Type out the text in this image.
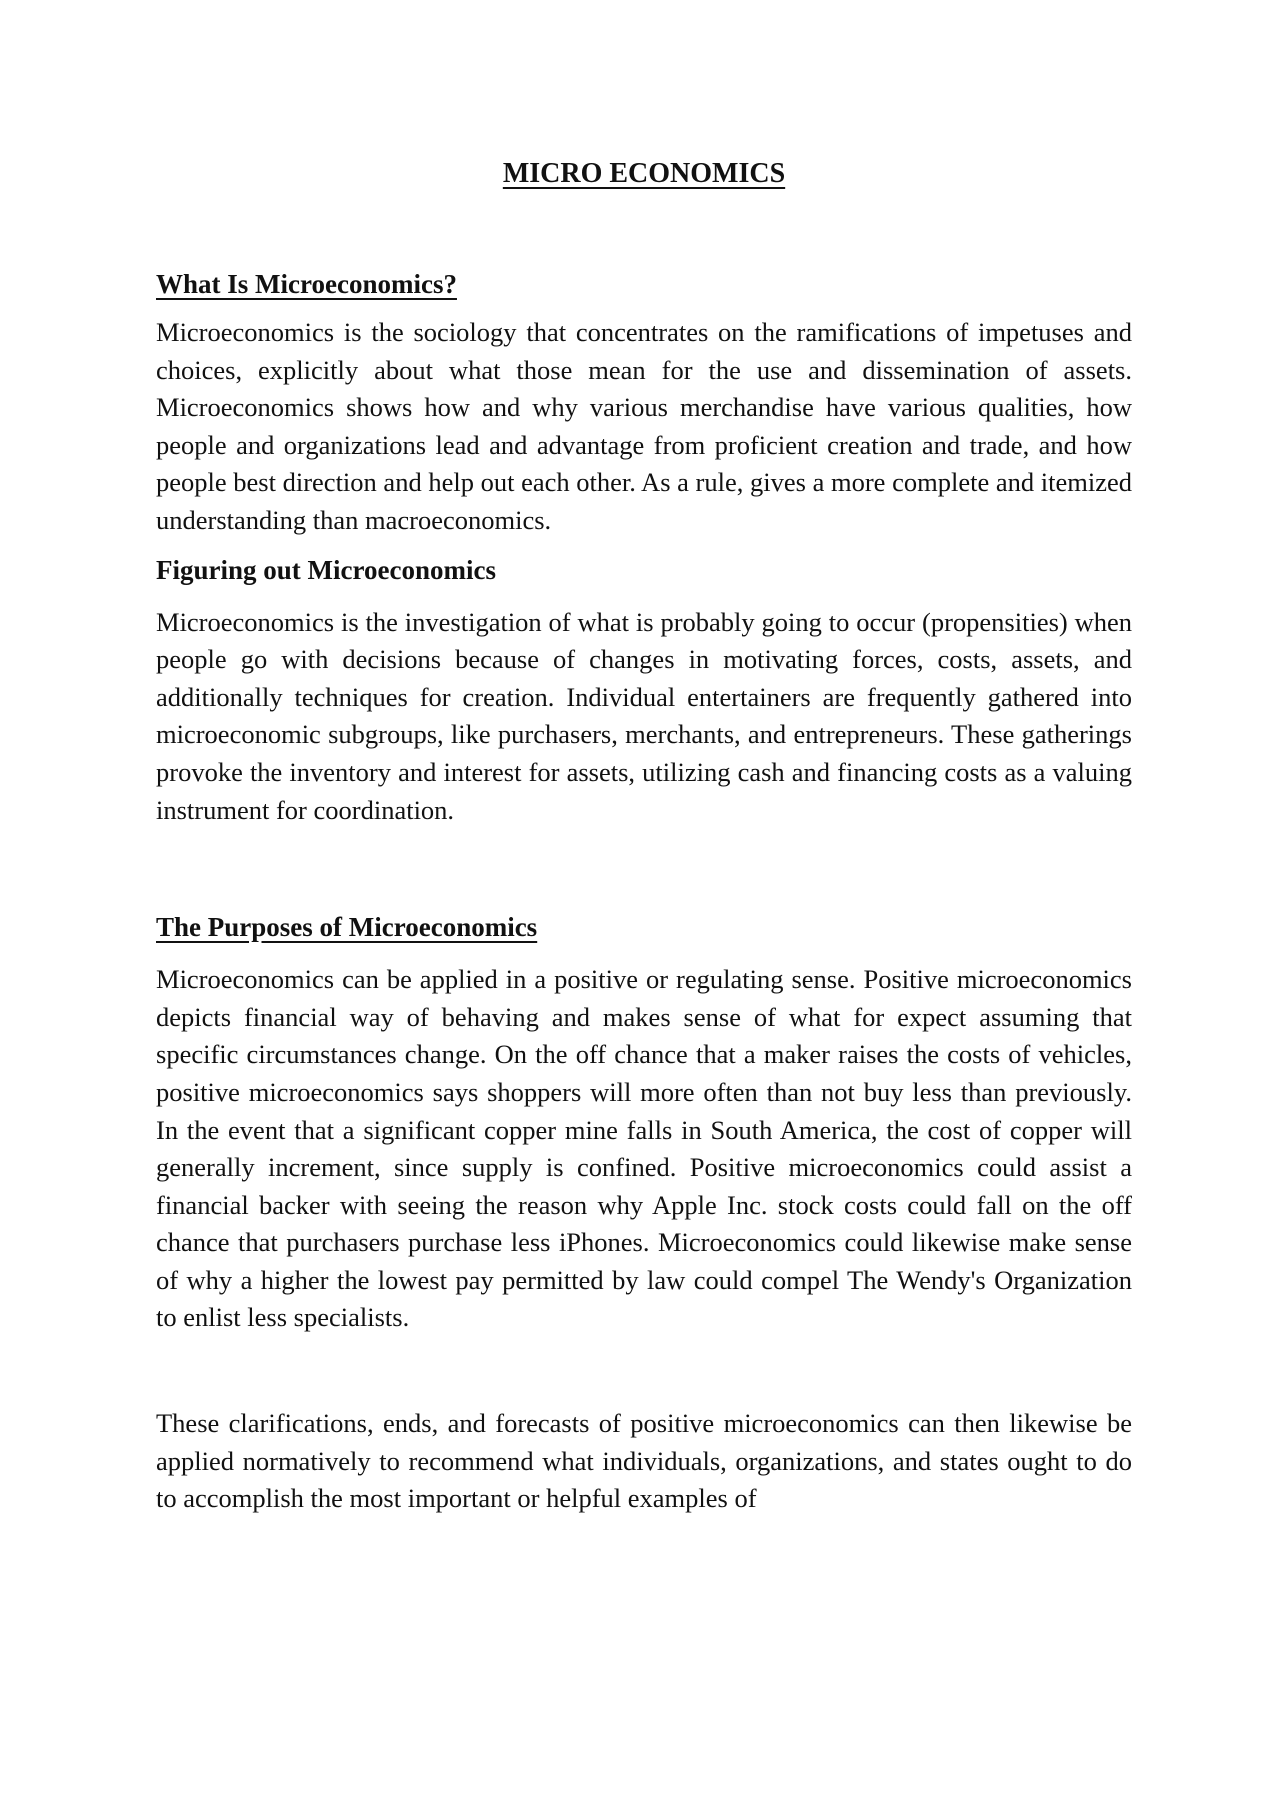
MICRO ECONOMICS
What Is Microeconomics?

Microeconomics is the sociology that concentrates on the ramifications of impetuses and choices, explicitly about what those mean for the use and dissemination of assets. Microeconomics shows how and why various merchandise have various qualities, how people and organizations lead and advantage from proficient creation and trade, and how people best direction and help out each other. As a rule, gives a more complete and itemized understanding than macroeconomics.

Figuring out Microeconomics

Microeconomics is the investigation of what is probably going to occur (propensities) when people go with decisions because of changes in motivating forces, costs, assets, and additionally techniques for creation. Individual entertainers are frequently gathered into microeconomic subgroups, like purchasers, merchants, and entrepreneurs. These gatherings provoke the inventory and interest for assets, utilizing cash and financing costs as a valuing instrument for coordination.

The Purposes of Microeconomics

Microeconomics can be applied in a positive or regulating sense. Positive microeconomics depicts financial way of behaving and makes sense of what for expect assuming that specific circumstances change. On the off chance that a maker raises the costs of vehicles, positive microeconomics says shoppers will more often than not buy less than previously. In the event that a significant copper mine falls in South America, the cost of copper will generally increment, since supply is confined. Positive microeconomics could assist a financial backer with seeing the reason why Apple Inc. stock costs could fall on the off chance that purchasers purchase less iPhones. Microeconomics could likewise make sense of why a higher the lowest pay permitted by law could compel The Wendy's Organization to enlist less specialists.

These clarifications, ends, and forecasts of positive microeconomics can then likewise be applied normatively to recommend what individuals, organizations, and states ought to do to accomplish the most important or helpful examples of
